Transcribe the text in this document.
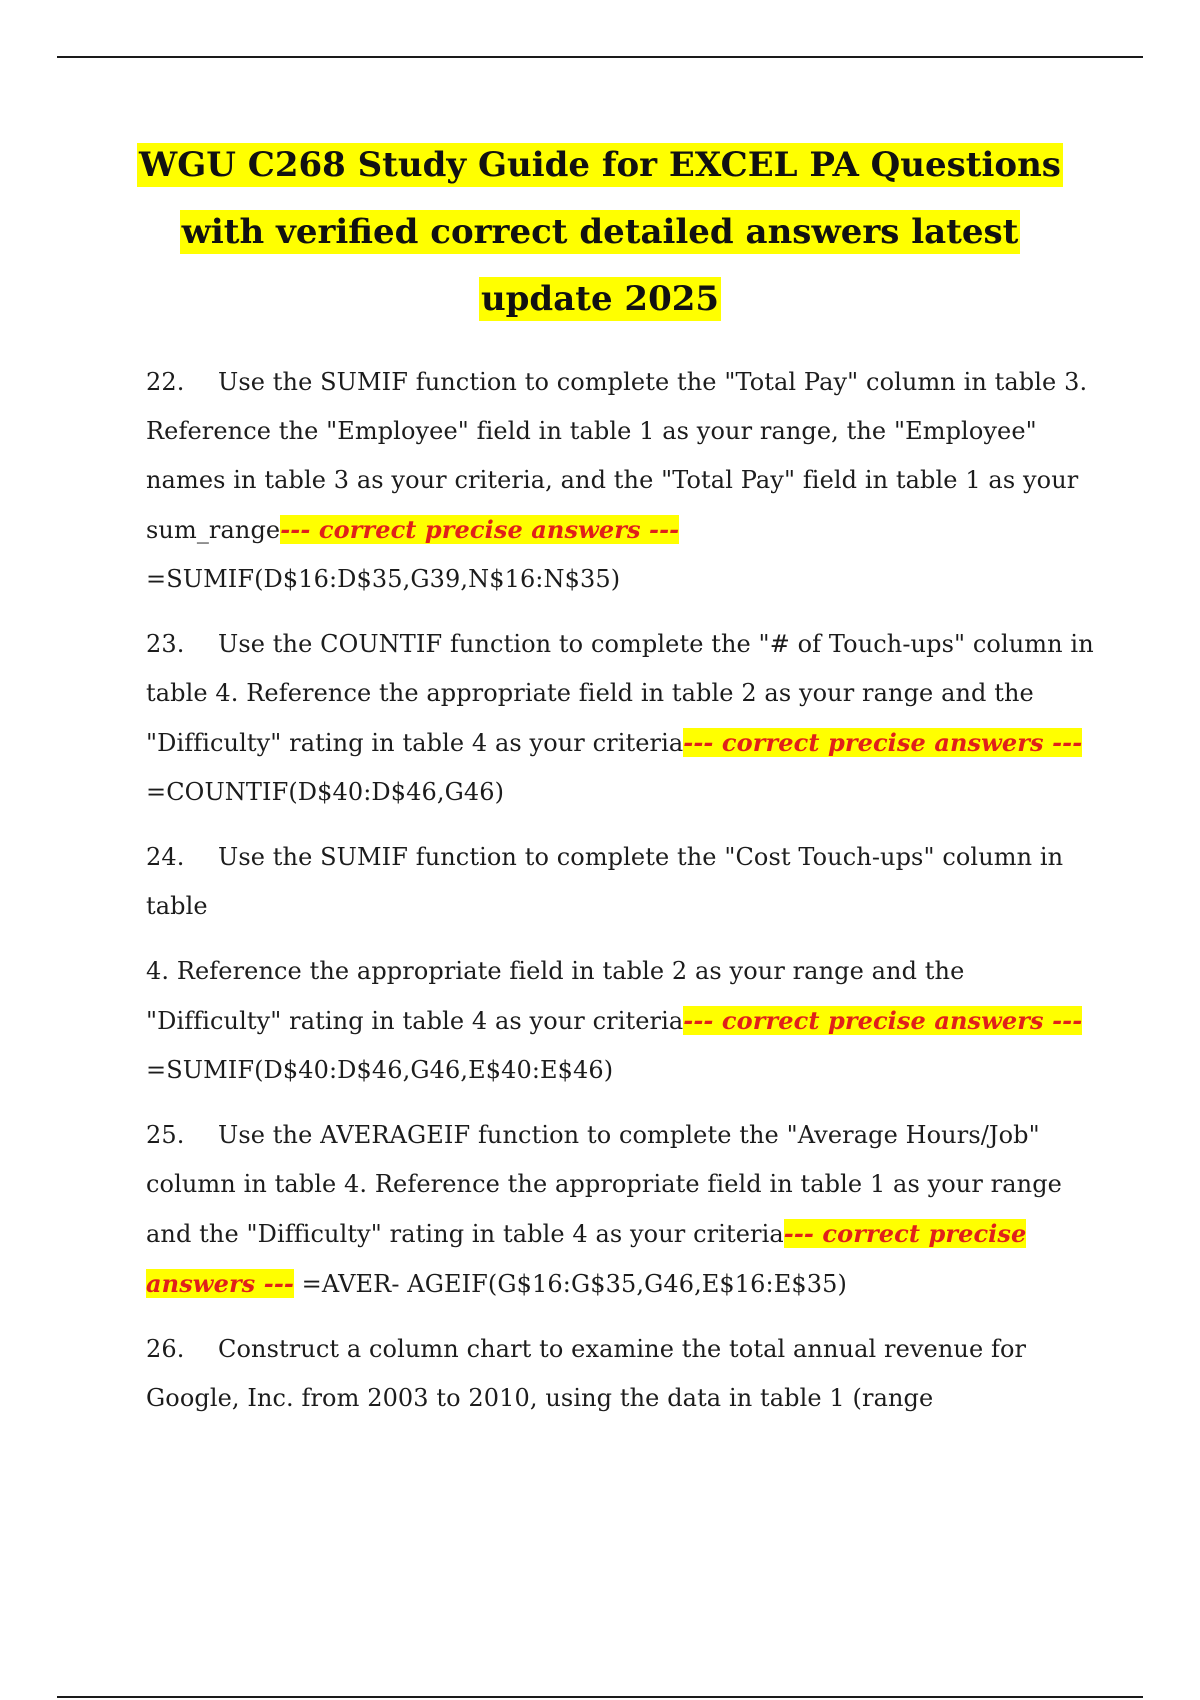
WGU C268 Study Guide for EXCEL PA Questions
with verified correct detailed answers latest
update 2025

22. Use the SUMIF function to complete the "Total Pay" column in table 3. Reference the "Employee" field in table 1 as your range, the "Employee" names in table 3 as your criteria, and the "Total Pay" field in table 1 as your sum_range--- correct precise answers ---
=SUMIF(D$16:D$35,G39,N$16:N$35)

23. Use the COUNTIF function to complete the "# of Touch-ups" column in table 4. Reference the appropriate field in table 2 as your range and the "Difficulty" rating in table 4 as your criteria--- correct precise answers --- =COUNTIF(D$40:D$46,G46)

24. Use the SUMIF function to complete the "Cost Touch-ups" column in table

4. Reference the appropriate field in table 2 as your range and the "Difficulty" rating in table 4 as your criteria--- correct precise answers --- =SUMIF(D$40:D$46,G46,E$40:E$46)

25. Use the AVERAGEIF function to complete the "Average Hours/Job" column in table 4. Reference the appropriate field in table 1 as your range and the "Difficulty" rating in table 4 as your criteria--- correct precise answers --- =AVER- AGEIF(G$16:G$35,G46,E$16:E$35)

26. Construct a column chart to examine the total annual revenue for Google, Inc. from 2003 to 2010, using the data in table 1 (range
